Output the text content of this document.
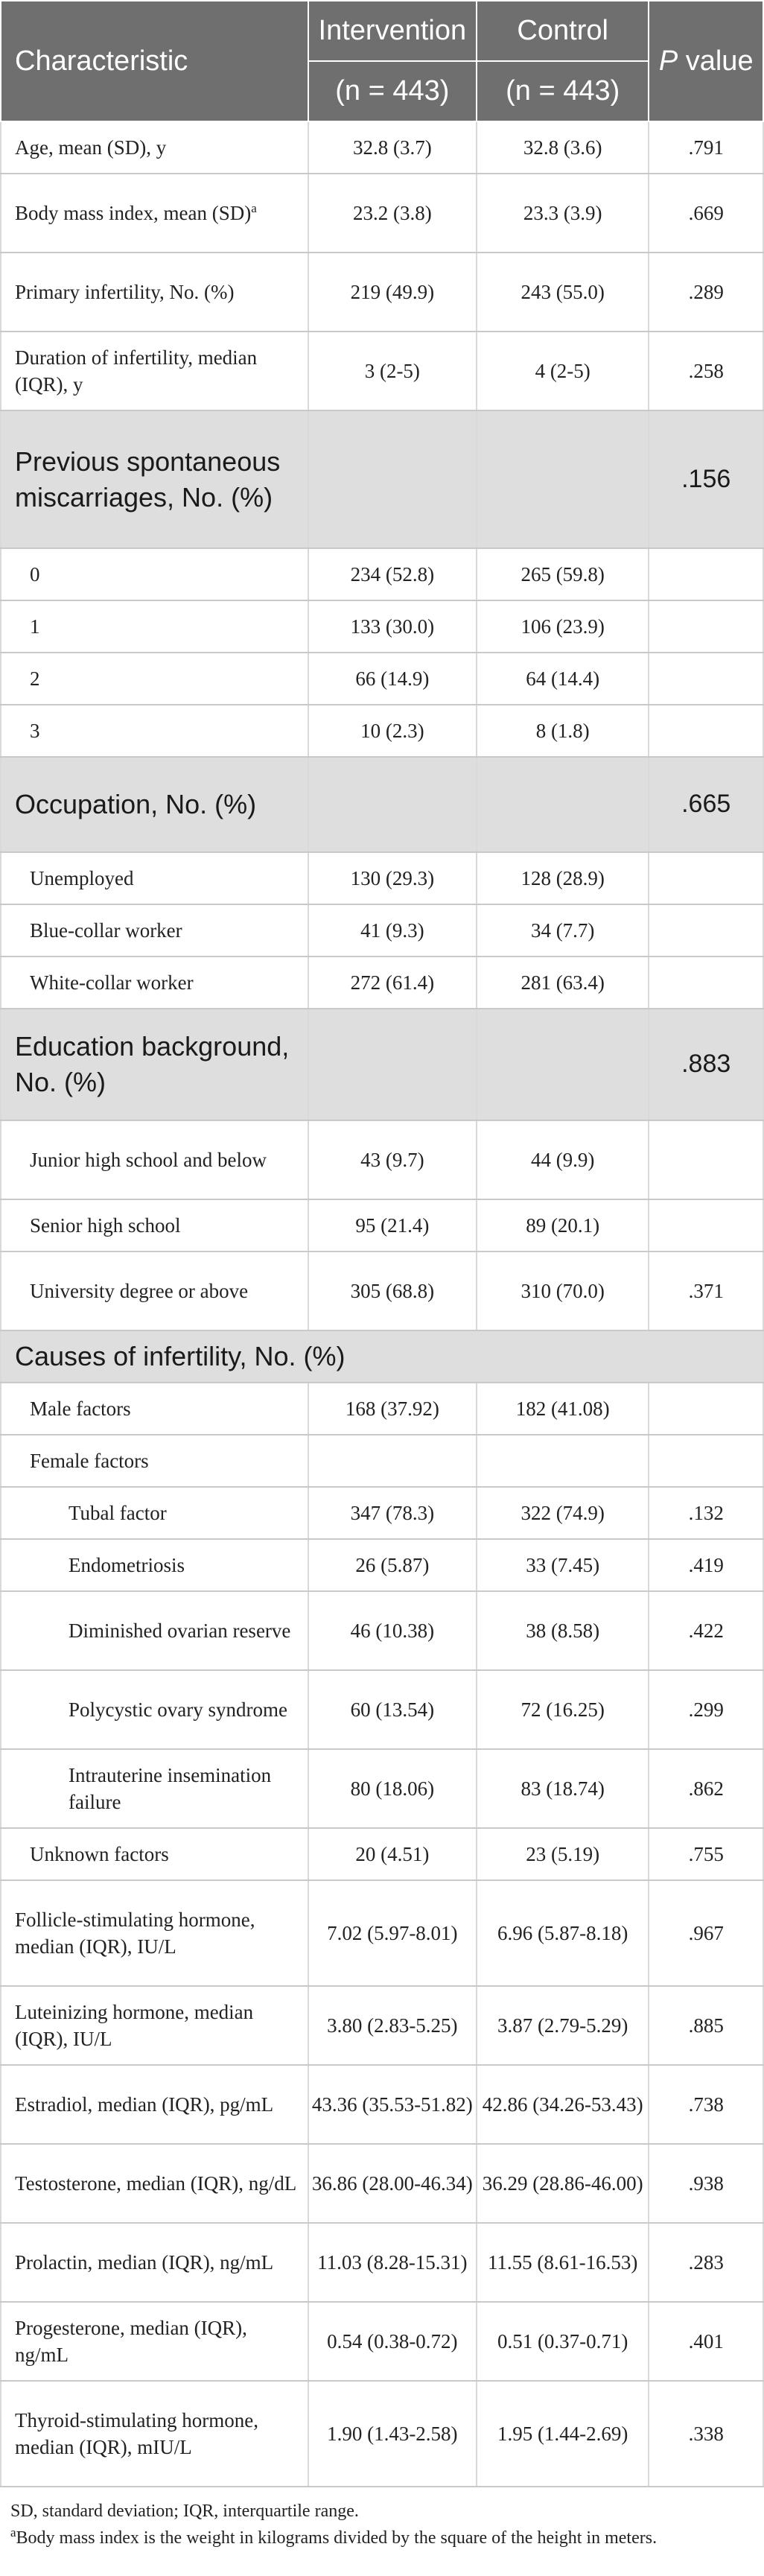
Characteristic	Intervention	Control	P value
	(n = 443)	(n = 443)	
Age, mean (SD), y	32.8 (3.7)	32.8 (3.6)	.791
Body mass index, mean (SD)$^a$	23.2 (3.8)	23.3 (3.9)	.669
Primary infertility, No. (%)	219 (49.9)	243 (55.0)	.289
Duration of infertility, median (IQR), y	3 (2-5)	4 (2-5)	.258
Previous spontaneous miscarriages, No. (%)			.156
0	234 (52.8)	265 (59.8)	
1	133 (30.0)	106 (23.9)	
2	66 (14.9)	64 (14.4)	
3	10 (2.3)	8 (1.8)	
Occupation, No. (%)			.665
Unemployed	130 (29.3)	128 (28.9)	
Blue-collar worker	41 (9.3)	34 (7.7)	
White-collar worker	272 (61.4)	281 (63.4)	
Education background, No. (%)			.883
Junior high school and below	43 (9.7)	44 (9.9)	
Senior high school	95 (21.4)	89 (20.1)	
University degree or above	305 (68.8)	310 (70.0)	.371
Causes of infertility, No. (%)			
Male factors	168 (37.92)	182 (41.08)	
Female factors			
Tubal factor	347 (78.3)	322 (74.9)	.132
Endometriosis	26 (5.87)	33 (7.45)	.419
Diminished ovarian reserve	46 (10.38)	38 (8.58)	.422
Polycystic ovary syndrome	60 (13.54)	72 (16.25)	.299
Intrauterine insemination failure	80 (18.06)	83 (18.74)	.862
Unknown factors	20 (4.51)	23 (5.19)	.755
Follicle-stimulating hormone, median (IQR), IU/L	7.02 (5.97-8.01)	6.96 (5.87-8.18)	.967
Luteinizing hormone, median (IQR), IU/L	3.80 (2.83-5.25)	3.87 (2.79-5.29)	.885
Estradiol, median (IQR), pg/mL	43.36 (35.53-51.82)	42.86 (34.26-53.43)	.738
Testosterone, median (IQR), ng/dL	36.86 (28.00-46.34)	36.29 (28.86-46.00)	.938
Prolactin, median (IQR), ng/mL	11.03 (8.28-15.31)	11.55 (8.61-16.53)	.283
Progesterone, median (IQR), ng/mL	0.54 (0.38-0.72)	0.51 (0.37-0.71)	.401
Thyroid-stimulating hormone, median (IQR), mIU/L	1.90 (1.43-2.58)	1.95 (1.44-2.69)	.338
SD, standard deviation; IQR, interquartile range.
$^a$Body mass index is the weight in kilograms divided by the square of the height in meters.
